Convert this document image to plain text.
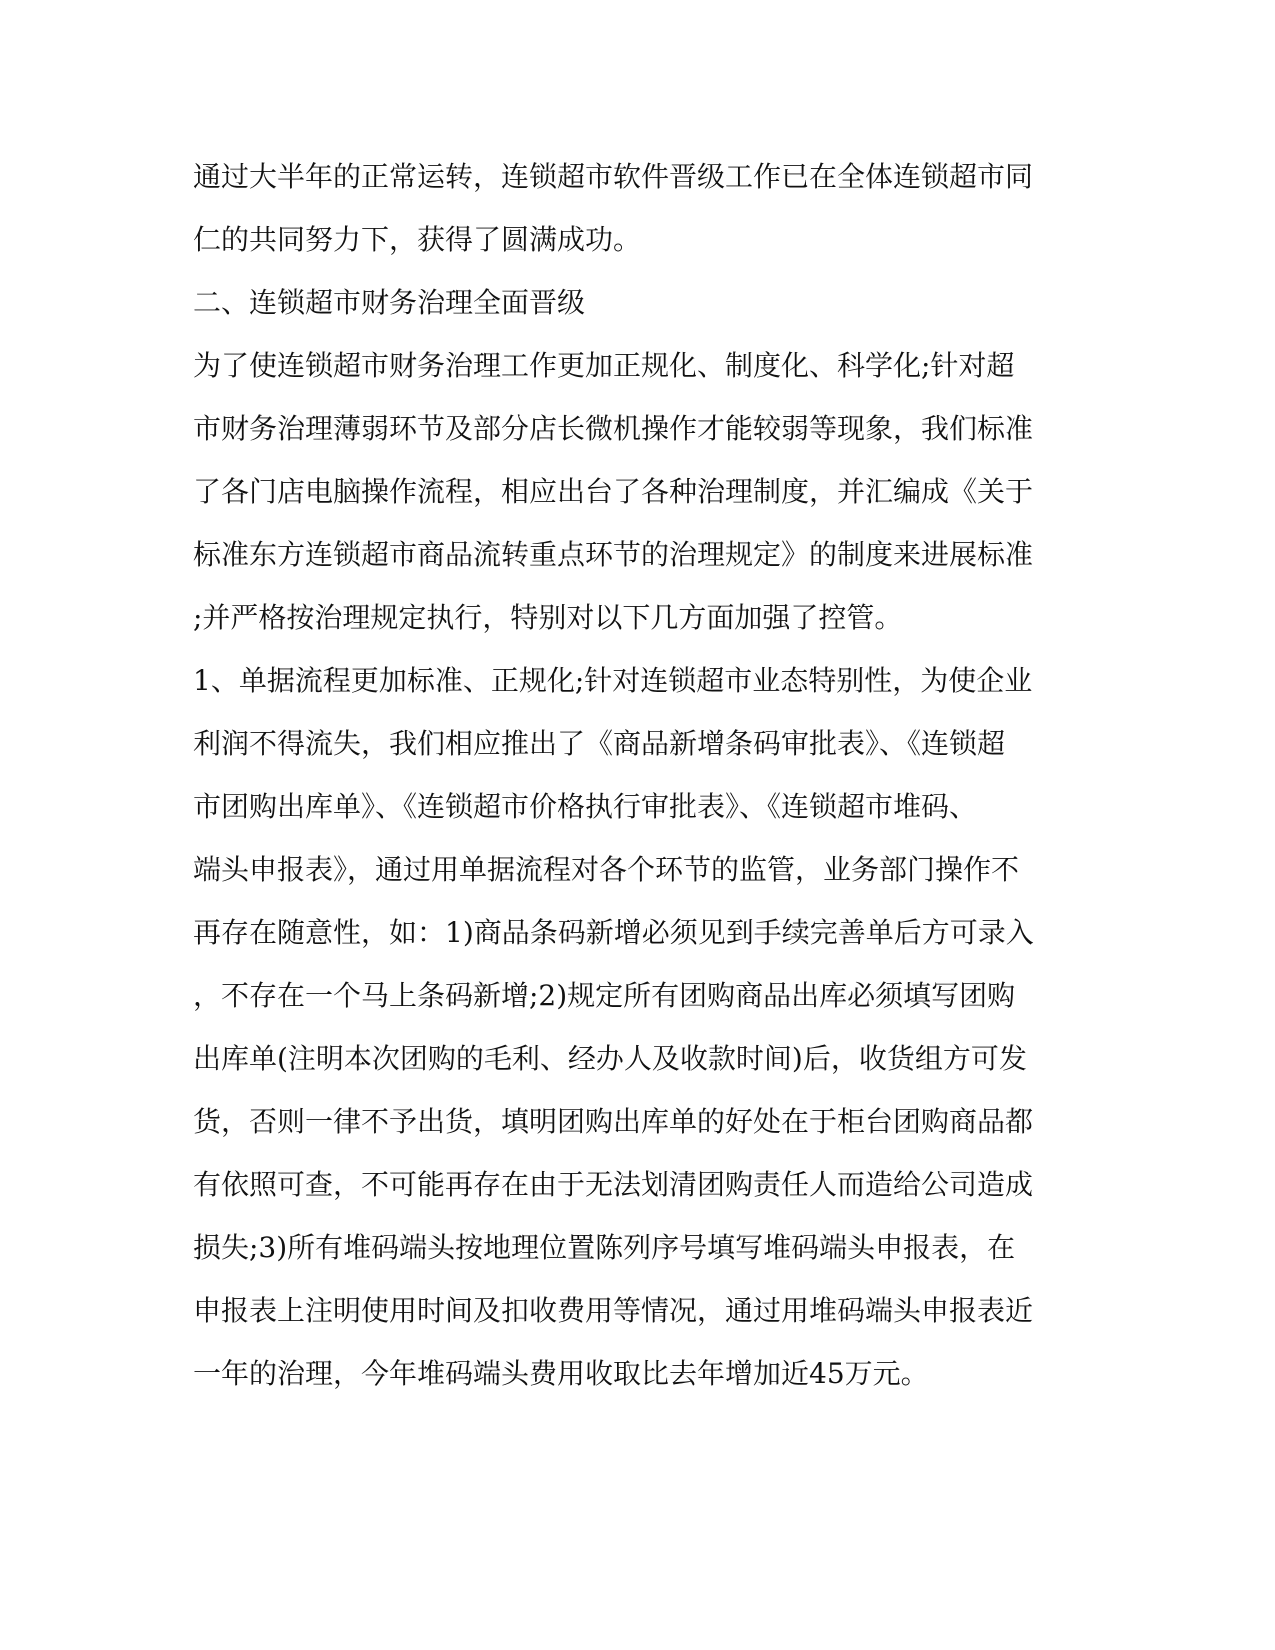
通过大半年的正常运转，连锁超市软件晋级工作已在全体连锁超市同
仁的共同努力下，获得了圆满成功。
二、连锁超市财务治理全面晋级
为了使连锁超市财务治理工作更加正规化、制度化、科学化;针对超
市财务治理薄弱环节及部分店长微机操作才能较弱等现象，我们标准
了各门店电脑操作流程，相应出台了各种治理制度，并汇编成《关于
标准东方连锁超市商品流转重点环节的治理规定》的制度来进展标准
;并严格按治理规定执行，特别对以下几方面加强了控管。
1、单据流程更加标准、正规化;针对连锁超市业态特别性，为使企业
利润不得流失，我们相应推出了《商品新增条码审批表》、《连锁超
市团购出库单》、《连锁超市价格执行审批表》、《连锁超市堆码、
端头申报表》，通过用单据流程对各个环节的监管，业务部门操作不
再存在随意性，如：1)商品条码新增必须见到手续完善单后方可录入
，不存在一个马上条码新增;2)规定所有团购商品出库必须填写团购
出库单(注明本次团购的毛利、经办人及收款时间)后，收货组方可发
货，否则一律不予出货，填明团购出库单的好处在于柜台团购商品都
有依照可查，不可能再存在由于无法划清团购责任人而造给公司造成
损失;3)所有堆码端头按地理位置陈列序号填写堆码端头申报表，在
申报表上注明使用时间及扣收费用等情况，通过用堆码端头申报表近
一年的治理，今年堆码端头费用收取比去年增加近45万元。
